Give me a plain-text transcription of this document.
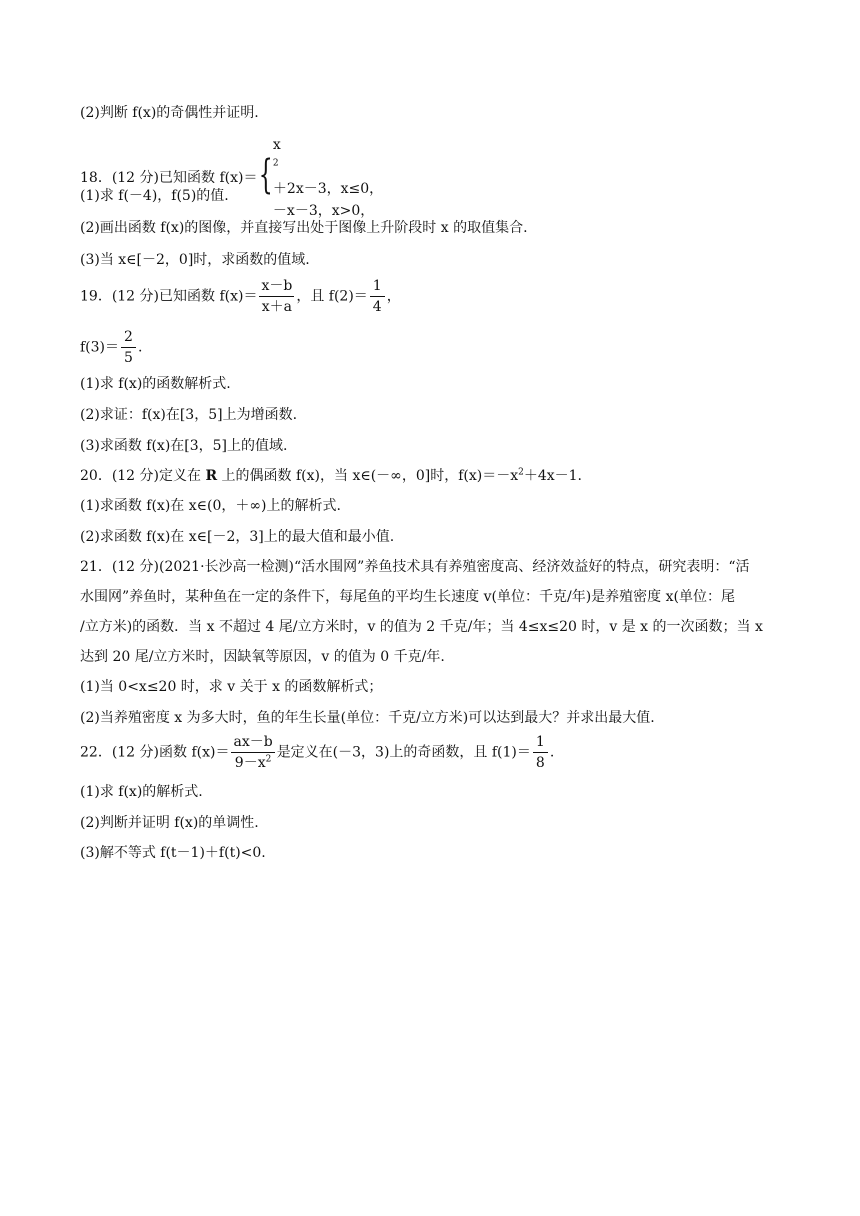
(2)判断 f(x)的奇偶性并证明.
18．(12 分)已知函数 f(x)＝{
x
$^2$
＋2x－3，x≤0，
－x－3，x>0，
(1)求 f(－4)，f(5)的值.
(2)画出函数 f(x)的图像，并直接写出处于图像上升阶段时 x 的取值集合.
(3)当 x∈[－2，0]时，求函数的值域.
19．(12 分)已知函数 $f(x)= \frac{x-b}{x+a}$ ，且 $f(2)= \frac{1}{4}$ ，
$f(3)= \frac{2}{5}$ .
(1)求 f(x)的函数解析式.
(2)求证：f(x)在[3，5]上为增函数.
(3)求函数 f(x)在[3，5]上的值域.
20．(12 分)定义在 R 上的偶函数 f(x)，当 x∈(－∞，0]时，$f(x)=-x^2+4x-1$.
(1)求函数 f(x)在 x∈(0，＋∞)上的解析式.
(2)求函数 f(x)在 x∈[－2，3]上的最大值和最小值.
21．(12 分)(2021·长沙高一检测)“活水围网”养鱼技术具有养殖密度高、经济效益好的特点，研究表明：“活
水围网”养鱼时，某种鱼在一定的条件下，每尾鱼的平均生长速度 v(单位：千克/年)是养殖密度 x(单位：尾
/立方米)的函数．当 x 不超过 4 尾/立方米时，v 的值为 2 千克/年；当 4≤x≤20 时，v 是 x 的一次函数；当 x
达到 20 尾/立方米时，因缺氧等原因，v 的值为 0 千克/年.
(1)当 0<x≤20 时，求 v 关于 x 的函数解析式；
(2)当养殖密度 x 为多大时，鱼的年生长量(单位：千克/立方米)可以达到最大？并求出最大值.
22．(12 分)函数 $f(x)= \frac{ax-b}{9-x^2}$ 是定义在(－3，3)上的奇函数，且 $f(1)= \frac{1}{8}$ .
(1)求 f(x)的解析式.
(2)判断并证明 f(x)的单调性.
(3)解不等式 f(t－1)＋f(t)<0.
